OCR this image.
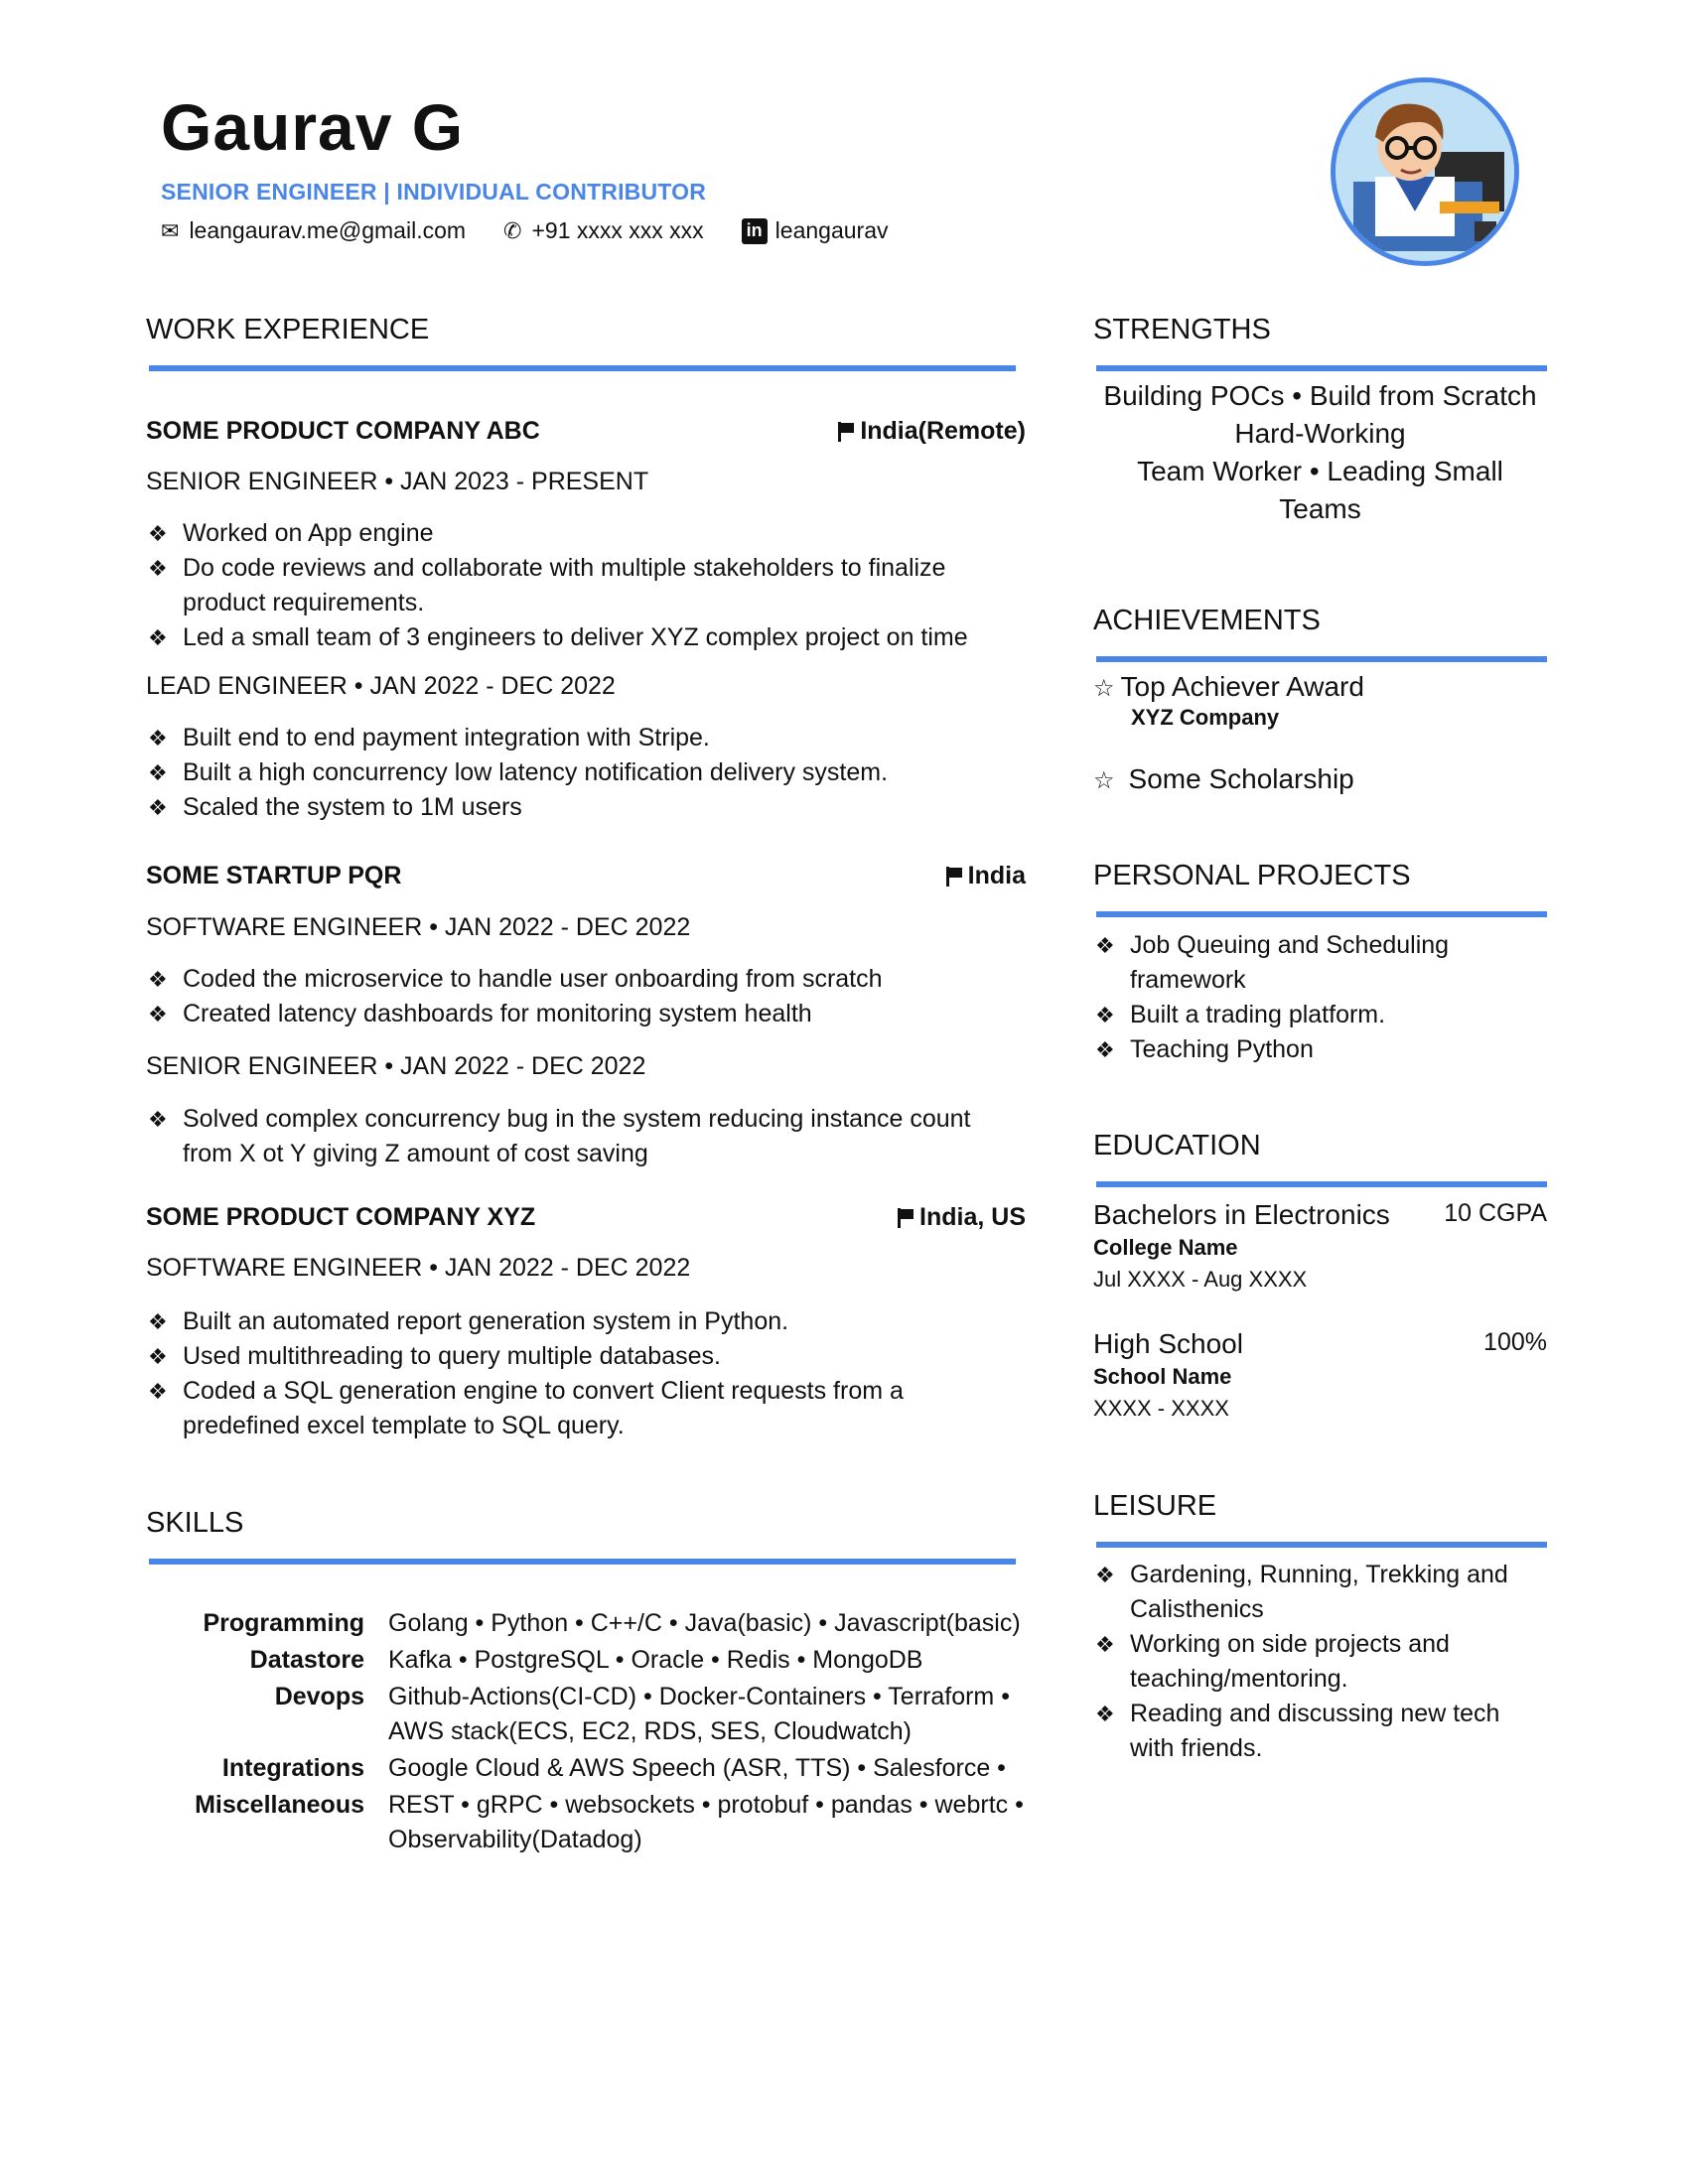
Gaurav G
SENIOR ENGINEER | INDIVIDUAL CONTRIBUTOR
✉ leangaurav.me@gmail.com ✆ +91 xxxx xxx xxx in leangaurav
WORK EXPERIENCE
SOME PRODUCT COMPANY ABC	India(Remote)
SENIOR ENGINEER • JAN 2023 - PRESENT
❖ Worked on App engine
❖ Do code reviews and collaborate with multiple stakeholders to finalize product requirements.
❖ Led a small team of 3 engineers to deliver XYZ complex project on time
LEAD ENGINEER • JAN 2022 - DEC 2022
❖ Built end to end payment integration with Stripe.
❖ Built a high concurrency low latency notification delivery system.
❖ Scaled the system to 1M users
SOME STARTUP PQR	India
SOFTWARE ENGINEER • JAN 2022 - DEC 2022
❖ Coded the microservice to handle user onboarding from scratch
❖ Created latency dashboards for monitoring system health
SENIOR ENGINEER • JAN 2022 - DEC 2022
❖ Solved complex concurrency bug in the system reducing instance count from X ot Y giving Z amount of cost saving
SOME PRODUCT COMPANY XYZ	India, US
SOFTWARE ENGINEER • JAN 2022 - DEC 2022
❖ Built an automated report generation system in Python.
❖ Used multithreading to query multiple databases.
❖ Coded a SQL generation engine to convert Client requests from a predefined excel template to SQL query.
SKILLS
Programming	Golang • Python • C++/C • Java(basic) • Javascript(basic)
Datastore	Kafka • PostgreSQL • Oracle • Redis • MongoDB
Devops	Github-Actions(CI-CD) • Docker-Containers • Terraform • AWS stack(ECS, EC2, RDS, SES, Cloudwatch)
Integrations	Google Cloud & AWS Speech (ASR, TTS) • Salesforce •
Miscellaneous	REST • gRPC • websockets • protobuf • pandas • webrtc • Observability(Datadog)
STRENGTHS
Building POCs • Build from Scratch
Hard-Working
Team Worker • Leading Small Teams
ACHIEVEMENTS
☆ Top Achiever Award
XYZ Company
☆ Some Scholarship
PERSONAL PROJECTS
❖ Job Queuing and Scheduling framework
❖ Built a trading platform.
❖ Teaching Python
EDUCATION
Bachelors in Electronics 10 CGPA
College Name
Jul XXXX - Aug XXXX
High School	100%
School Name
XXXX - XXXX
LEISURE
❖ Gardening, Running, Trekking and Calisthenics
❖ Working on side projects and teaching/mentoring.
❖ Reading and discussing new tech with friends.
